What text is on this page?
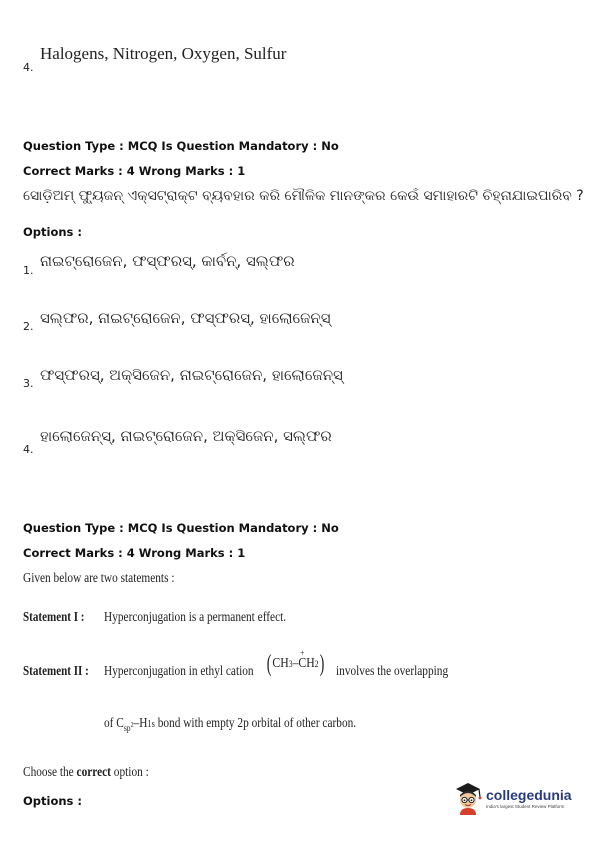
4.
Halogens, Nitrogen, Oxygen, Sulfur
Question Type : MCQ Is Question Mandatory : No
Correct Marks : 4 Wrong Marks : 1
ସୋଡ଼ିଅମ୍ ଫ୍ୟୁଜନ୍ ଏକ୍ସଟ୍ରାକ୍ଟ ବ୍ୟବହାର କରି ମୌଳିକ ମାନଙ୍କର କେଉଁ ସମାହାରଟି ଚିହ୍ନାଯାଇପାରିବ ?
Options :
1.
ନାଇଟ୍ରୋଜେନ, ଫସ୍‌ଫରସ୍, କାର୍ବନ୍, ସଲ୍‌ଫର
2. ସଲ୍‌ଫର, ନାଇଟ୍ରୋଜେନ, ଫସ୍‌ଫରସ୍, ହାଲୋଜେନ୍ସ୍
3. ଫସ୍‌ଫରସ୍, ଅକ୍ସିଜେନ, ନାଇଟ୍ରୋଜେନ, ହାଲୋଜେନ୍ସ୍
4.
ହାଲୋଜେନ୍ସ୍, ନାଇଟ୍ରୋଜେନ, ଅକ୍ସିଜେନ, ସଲ୍‌ଫର
Question Type : MCQ Is Question Mandatory : No
Correct Marks : 4 Wrong Marks : 1
Given below are two statements :
Statement I : Hyperconjugation is a permanent effect.
Statement II : Hyperconjugation in ethyl cation ( CH 3 –
+
C H 2 ) involves the overlapping
of $C_{sp^2}-H1s$ bond with empty 2p orbital of other carbon.
Choose the correct option :
Options :	collegedunia
India's largest Student Review Platform
